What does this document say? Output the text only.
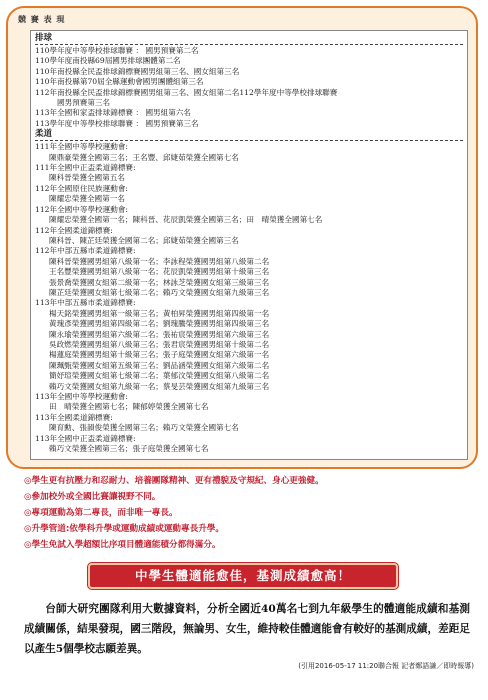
競 賽 表 現
排球
110學年度中等學校排球聯賽 ： 國男預賽第二名
110學年度南投縣69屆國男排球團體第二名
110年南投縣全民盃排球錦標賽國男組第三名、國女組第三名
110年南投縣第70屆全縣運動會國男團體組第三名
112年南投縣全民盃排球錦標賽國男組第三名、國女組第二名112學年度中等學校排球聯賽
國男預賽第三名
113年全國和家盃排球錦標賽 ： 國男組第六名
113學年度中等學校排球聯賽 ： 國男預賽第三名
柔道
111年全國中等學校運動會:
陳鼎豪榮獲全國第三名；王名豐、邱婕茹榮獲全國第七名
111年全國中正盃柔道錦標賽:
陳科晉榮獲全國第五名
112年全國原住民族運動會:
陳耀忠榮獲全國第一名
112年全國中等學校運動會:
陳耀忠榮獲全國第一名；陳科晉、花辰凱榮獲全國第三名；田　晴榮獲全國第七名
112年全國柔道錦標賽:
陳科晉、陳芷廷榮獲全國第二名；邱婕茹榮獲全國第三名
112年中部五縣市柔道錦標賽:
陳科晉榮獲國男組第八級第一名；李詠程榮獲國男組第八級第二名
王名豐榮獲國男組第八級第一名；花辰凱榮獲國男組第十級第三名
張景喬榮獲國女組第二級第一名；林詠芝榮獲國女組第三級第三名
陳芷廷榮獲國女組第七級第二名；賴巧文榮獲國女組第九級第三名
113年中部五縣市柔道錦標賽:
楊天銘榮獲國男組第一級第三名；黃柏昇榮獲國男組第四級第一名
黃瑰彥榮獲國男組第四級第二名；劉瑰騰榮獲國男組第四級第三名
陳永瑜榮獲國男組第六級第二名；張祐宸榮獲國男組第六級第三名
吳政燃榮獲國男組第八級第三名；張君宸榮獲國男組第十級第二名
楊蓮庭榮獲國男組第十級第三名；張子庭榮獲國女組第六級第一名
陳珮甄榮獲國女組第五級第三名；劉品涵榮獲國女組第六級第二名
簡妤瑄榮獲國女組第七級第二名；葉郁汶榮獲國女組第八級第二名
賴巧文榮獲國女組第九級第一名；蔡旻芸榮獲國女組第九級第三名
113年全國中等學校運動會:
田　晴榮獲全國第七名；陳郁婷榮獲全國第七名
113年全國柔道錦標賽:
陳育勳、張韻俊榮獲全國第三名；賴巧文榮獲全國第七名
113年全國中正盃柔道錦標賽:
賴巧文榮獲全國第三名；張子庭榮獲全國第七名
◎學生更有抗壓力和忍耐力、培養團隊精神、更有禮貌及守規紀、身心更強健。
◎參加校外或全國比賽讓視野不同。
◎專項運動為第二專長，而非唯一專長。
◎升學管道:依學科升學或運動成績或運動專長升學。
◎學生免試入學超額比序項目體適能積分都得滿分。
中學生體適能愈佳，基測成績愈高！

台師大研究團隊利用大數據資料，分析全國近40萬名七到九年級學生的體適能成績和基測成績關係，結果發現，國三階段，無論男、女生，維持較佳體適能會有較好的基測成績，差距足以產生5個學校志願差異。

(引用2016-05-17 11:20聯合報 記者鄭語謙／即時報導)
